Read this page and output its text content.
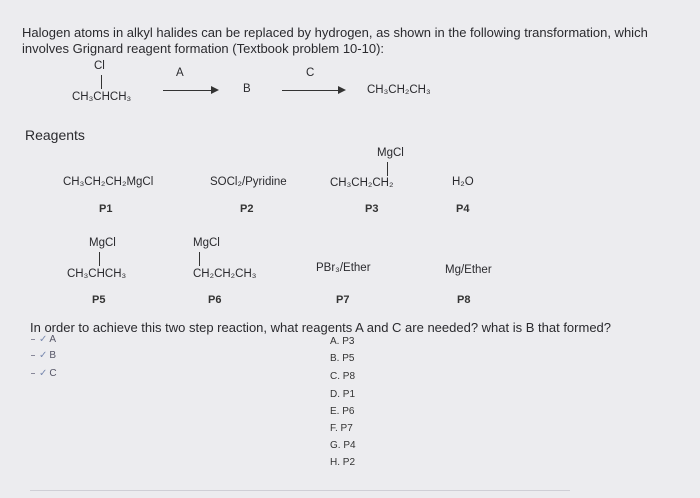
Halogen atoms in alkyl halides can be replaced by hydrogen, as shown in the following transformation, which
involves Grignard reagent formation (Textbook problem 10-10):
Cl
CH₃CHCH₃
A
B
C
CH₃CH₂CH₃
Reagents
CH₃CH₂CH₂MgCl
P1
SOCl₂/Pyridine
P2
MgCl
CH₃CH₂CH₂
P3
H₂O
P4
MgCl
CH₃CHCH₃
P5
MgCl
CH₂CH₂CH₃
P6
PBr₃/Ether
P7
Mg/Ether
P8
In order to achieve this two step reaction, what reagents A and C are needed? what is B that formed?
✓ A
✓ B
✓ C
A. P3
B. P5
C. P8
D. P1
E. P6
F. P7
G. P4
H. P2
